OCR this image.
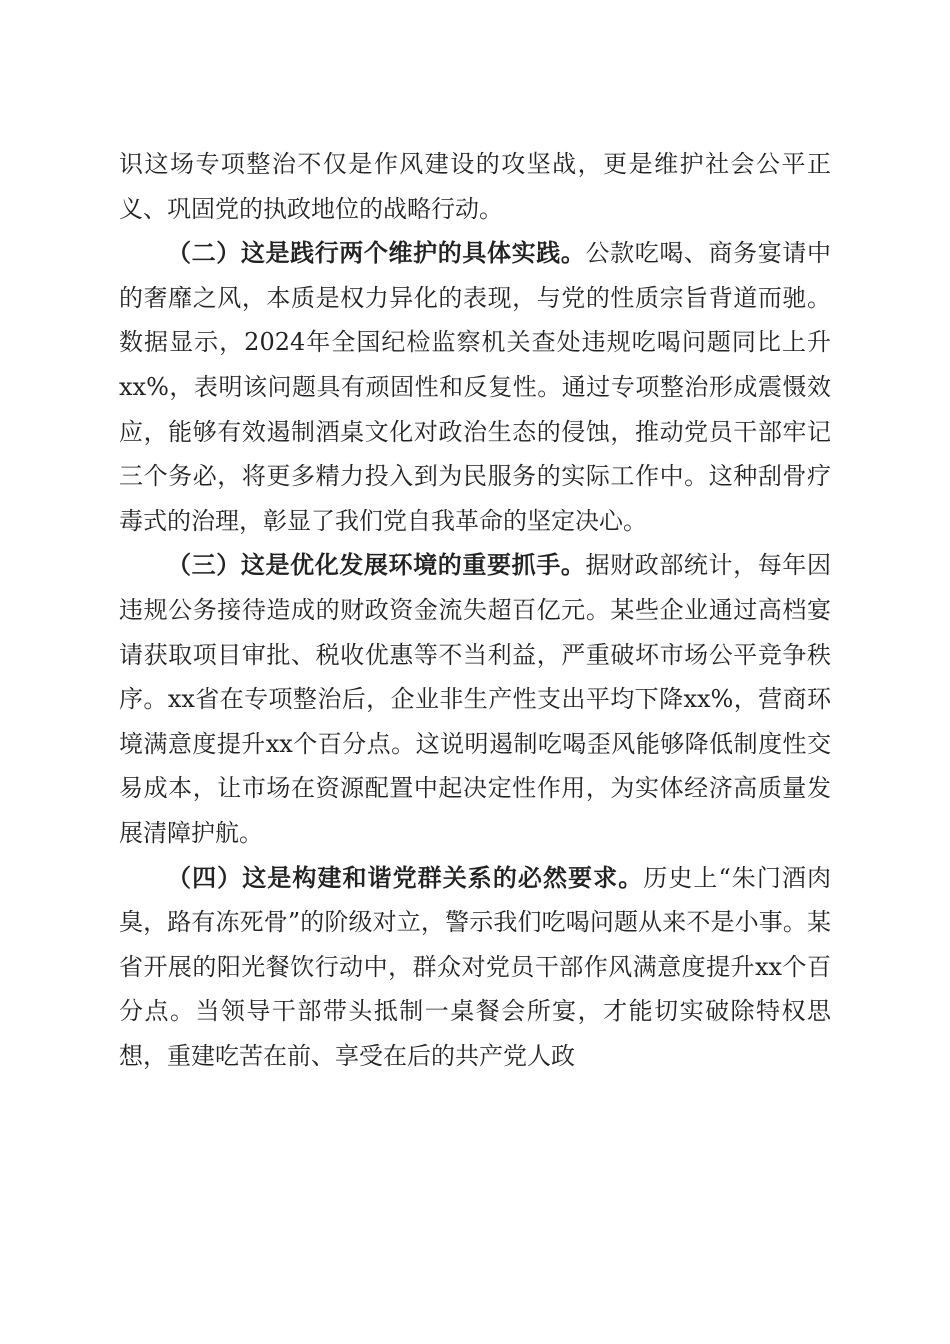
识这场专项整治不仅是作风建设的攻坚战，更是维护社会公平正义、巩固党的执政地位的战略行动。

（二）这是践行两个维护的具体实践。公款吃喝、商务宴请中的奢靡之风，本质是权力异化的表现，与党的性质宗旨背道而驰。数据显示，2024年全国纪检监察机关查处违规吃喝问题同比上升xx%，表明该问题具有顽固性和反复性。通过专项整治形成震慑效应，能够有效遏制酒桌文化对政治生态的侵蚀，推动党员干部牢记三个务必，将更多精力投入到为民服务的实际工作中。这种刮骨疗毒式的治理，彰显了我们党自我革命的坚定决心。

（三）这是优化发展环境的重要抓手。据财政部统计，每年因违规公务接待造成的财政资金流失超百亿元。某些企业通过高档宴请获取项目审批、税收优惠等不当利益，严重破坏市场公平竞争秩序。xx省在专项整治后，企业非生产性支出平均下降xx%，营商环境满意度提升xx个百分点。这说明遏制吃喝歪风能够降低制度性交易成本，让市场在资源配置中起决定性作用，为实体经济高质量发展清障护航。

（四）这是构建和谐党群关系的必然要求。历史上“朱门酒肉臭，路有冻死骨”的阶级对立，警示我们吃喝问题从来不是小事。某省开展的阳光餐饮行动中，群众对党员干部作风满意度提升xx个百分点。当领导干部带头抵制一桌餐会所宴，才能切实破除特权思想，重建吃苦在前、享受在后的共产党人政
